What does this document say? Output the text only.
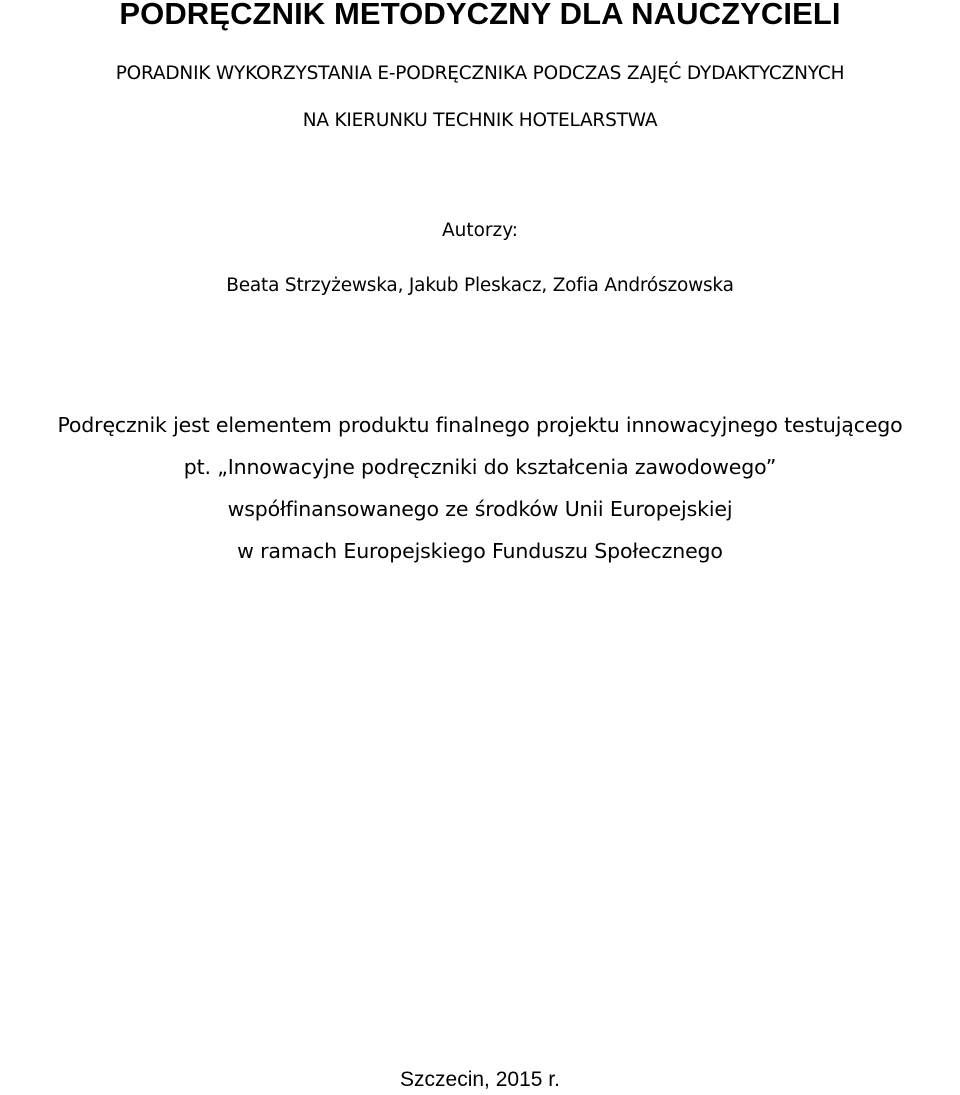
PODRĘCZNIK METODYCZNY DLA NAUCZYCIELI
PORADNIK WYKORZYSTANIA E-PODRĘCZNIKA PODCZAS ZAJĘĆ DYDAKTYCZNYCH
NA KIERUNKU TECHNIK HOTELARSTWA
Autorzy:
Beata Strzyżewska, Jakub Pleskacz, Zofia Andrószowska
Podręcznik jest elementem produktu finalnego projektu innowacyjnego testującego
pt. „Innowacyjne podręczniki do kształcenia zawodowego”
współfinansowanego ze środków Unii Europejskiej
w ramach Europejskiego Funduszu Społecznego
Szczecin, 2015 r.
